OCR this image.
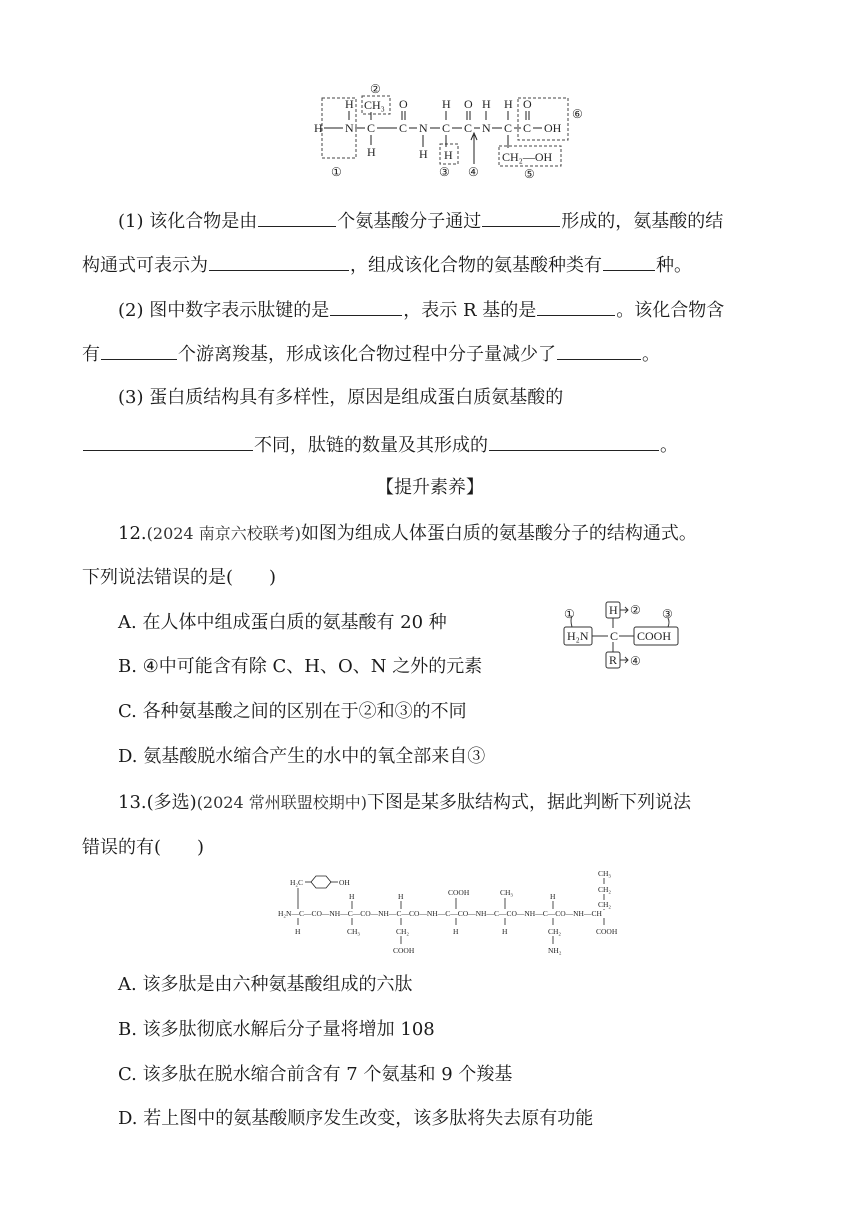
H
H
N
CH₃
C
H
O
C N
H
H
C
H
O
C
H
N
H
C
O
C OH
CH₂—OH
①
②
③ ④	⑤
⑥
(1) 该化合物是由	个氨基酸分子通过	形成的，氨基酸的结
构通式可表示为	，组成该化合物的氨基酸种类有	种。
(2) 图中数字表示肽键的是	，表示 R 基的是	。该化合物含
有	个游离羧基，形成该化合物过程中分子量减少了	。
(3) 蛋白质结构具有多样性，原因是组成蛋白质氨基酸的
不同，肽链的数量及其形成的	。
【提升素养】
12.(2024 南京六校联考)如图为组成人体蛋白质的氨基酸分子的结构通式。
下列说法错误的是(　　)
A. 在人体中组成蛋白质的氨基酸有 20 种
B. ④中可能含有除 C、H、O、N 之外的元素
C. 各种氨基酸之间的区别在于②和③的不同
D. 氨基酸脱水缩合产生的水中的氧全部来自③
①	② ③
④
H
H₂N C COOH
R
13.(多选)(2024 常州联盟校期中)下图是某多肽结构式，据此判断下列说法
错误的有(　　)
H₂N—C—CO—NH—C—CO—NH—C—CO—NH—C—CO—NH—C—CO—NH—C—CO—NH—CH
H₂C	OH
H
H
CH₃
H
CH₂
COOH
COOH
H
CH₃
H
H
CH₂
NH₂
CH₃
CH₂
CH₂
COOH
A. 该多肽是由六种氨基酸组成的六肽
B. 该多肽彻底水解后分子量将增加 108
C. 该多肽在脱水缩合前含有 7 个氨基和 9 个羧基
D. 若上图中的氨基酸顺序发生改变，该多肽将失去原有功能
